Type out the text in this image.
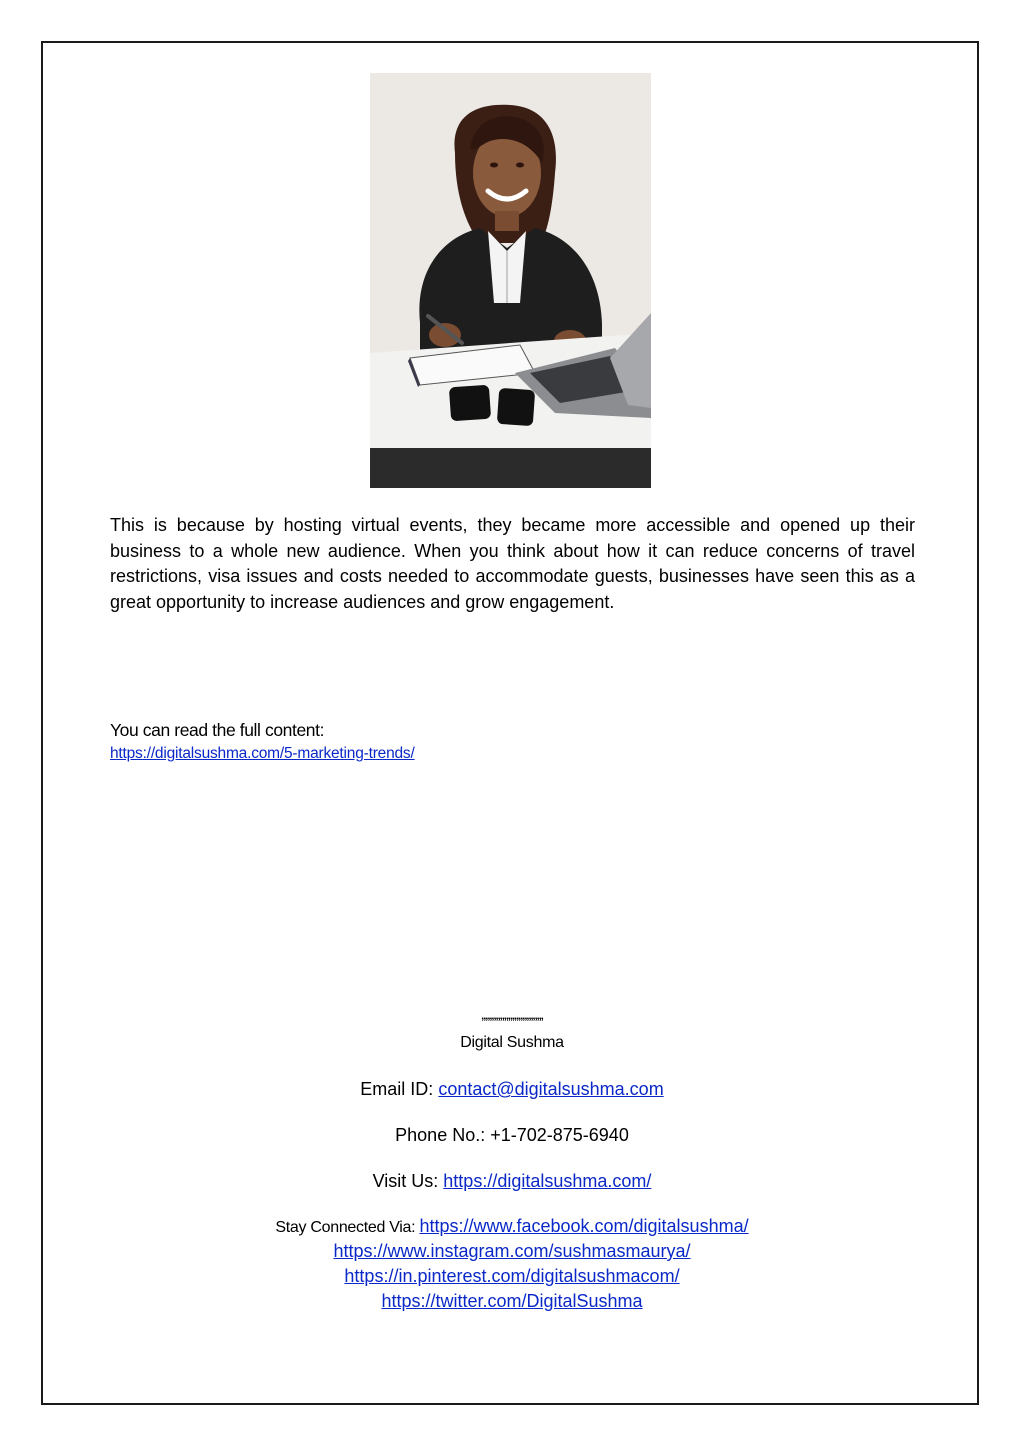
This is because by hosting virtual events, they became more accessible and opened up their business to a whole new audience. When you think about how it can reduce concerns of travel restrictions, visa issues and costs needed to accommodate guests, businesses have seen this as a great opportunity to increase audiences and grow engagement.

You can read the full content:

https://digitalsushma.com/5-marketing-trends/
‚‚‚‚‚‚‚‚‚‚‚‚‚‚‚‚‚‚‚‚‚‚‚‚‚‚‚‚‚‚
Digital Sushma
Email ID: contact@digitalsushma.com
Phone No.: +1-702-875-6940
Visit Us: https://digitalsushma.com/
Stay Connected Via: https://www.facebook.com/digitalsushma/
https://www.instagram.com/sushmasmaurya/
https://in.pinterest.com/digitalsushmacom/
https://twitter.com/DigitalSushma
